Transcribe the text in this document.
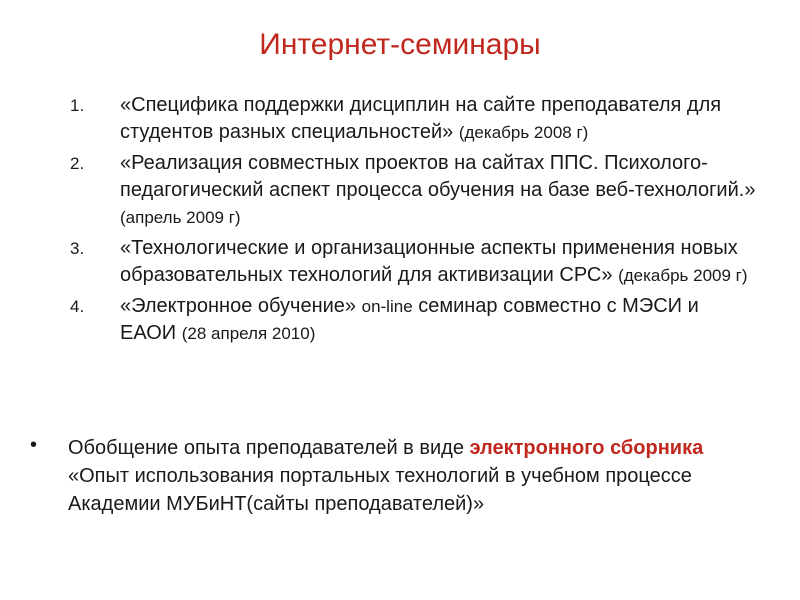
Интернет-семинары
1. «Специфика поддержки дисциплин на сайте преподавателя для студентов разных специальностей» (декабрь 2008 г)
2. «Реализация совместных проектов на сайтах ППС. Психолого-педагогический аспект процесса обучения на базе веб-технологий.» (апрель 2009 г)
3. «Технологические и организационные аспекты применения новых образовательных технологий для активизации СРС» (декабрь 2009 г)
4. «Электронное обучение» on-line семинар совместно с МЭСИ и ЕАОИ (28 апреля 2010)
• Обобщение опыта преподавателей в виде электронного сборника «Опыт использования портальных технологий в учебном процессе Академии МУБиНТ(сайты преподавателей)»
